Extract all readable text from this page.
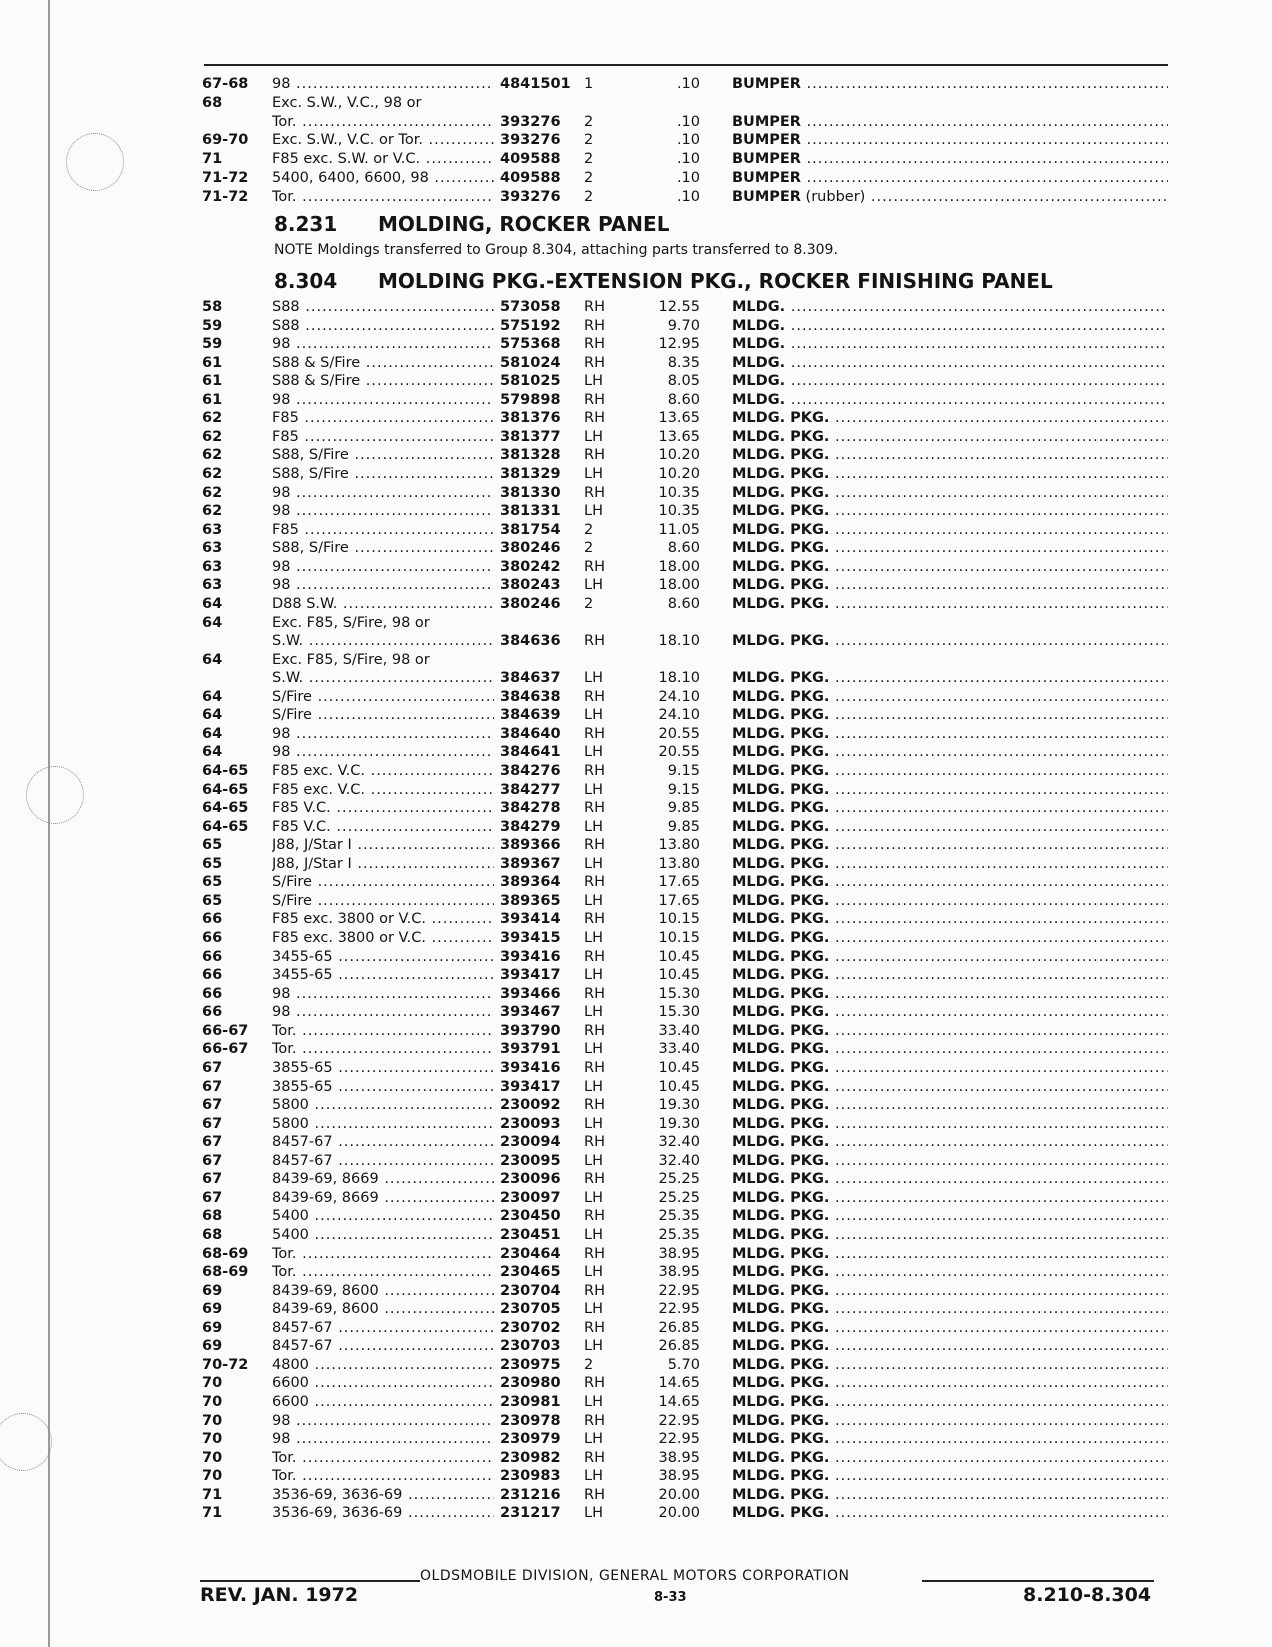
67-68 98 .....	4841501 1	.10 BUMPER .....
68	Exc. S.W., V.C., 98 or
Tor. .....	393276 2	.10 BUMPER .....
69-70 Exc. S.W., V.C. or Tor. .....	393276 2	.10 BUMPER .....
71	F85 exc. S.W. or V.C. .....	409588 2	.10 BUMPER .....
71-72 5400, 6400, 6600, 98 .....	409588 2	.10 BUMPER .....
71-72 Tor. .....	393276 2	.10 BUMPER (rubber) .....
8.231 MOLDING, ROCKER PANEL
NOTE Moldings transferred to Group 8.304, attaching parts transferred to 8.309.
8.304 MOLDING PKG.-EXTENSION PKG., ROCKER FINISHING PANEL
58	S88 .....	573058 RH	12.55 MLDG. .....
59	S88 .....	575192 RH	9.70 MLDG. .....
59	98 .....	575368 RH	12.95 MLDG. .....
61	S88 & S/Fire .....	581024 RH	8.35 MLDG. .....
61	S88 & S/Fire .....	581025 LH	8.05 MLDG. .....
61	98 .....	579898 RH	8.60 MLDG. .....
62	F85 .....	381376 RH	13.65 MLDG. PKG. .....
62	F85 .....	381377 LH	13.65 MLDG. PKG. .....
62	S88, S/Fire .....	381328 RH	10.20 MLDG. PKG. .....
62	S88, S/Fire .....	381329 LH	10.20 MLDG. PKG. .....
62	98 .....	381330 RH	10.35 MLDG. PKG. .....
62	98 .....	381331 LH	10.35 MLDG. PKG. .....
63	F85 .....	381754 2	11.05 MLDG. PKG. .....
63	S88, S/Fire .....	380246 2	8.60 MLDG. PKG. .....
63	98 .....	380242 RH	18.00 MLDG. PKG. .....
63	98 .....	380243 LH	18.00 MLDG. PKG. .....
64	D88 S.W. .....	380246 2	8.60 MLDG. PKG. .....
64	Exc. F85, S/Fire, 98 or
S.W. .....	384636 RH	18.10 MLDG. PKG. .....
64	Exc. F85, S/Fire, 98 or
S.W. .....	384637 LH	18.10 MLDG. PKG. .....
64	S/Fire .....	384638 RH	24.10 MLDG. PKG. .....
64	S/Fire .....	384639 LH	24.10 MLDG. PKG. .....
64	98 .....	384640 RH	20.55 MLDG. PKG. .....
64	98 .....	384641 LH	20.55 MLDG. PKG. .....
64-65 F85 exc. V.C. .....	384276 RH	9.15 MLDG. PKG. .....
64-65 F85 exc. V.C. .....	384277 LH	9.15 MLDG. PKG. .....
64-65 F85 V.C. .....	384278 RH	9.85 MLDG. PKG. .....
64-65 F85 V.C. .....	384279 LH	9.85 MLDG. PKG. .....
65	J88, J/Star I .....	389366 RH	13.80 MLDG. PKG. .....
65	J88, J/Star I .....	389367 LH	13.80 MLDG. PKG. .....
65	S/Fire .....	389364 RH	17.65 MLDG. PKG. .....
65	S/Fire .....	389365 LH	17.65 MLDG. PKG. .....
66	F85 exc. 3800 or V.C. .....	393414 RH	10.15 MLDG. PKG. .....
66	F85 exc. 3800 or V.C. .....	393415 LH	10.15 MLDG. PKG. .....
66	3455-65 .....	393416 RH	10.45 MLDG. PKG. .....
66	3455-65 .....	393417 LH	10.45 MLDG. PKG. .....
66	98 .....	393466 RH	15.30 MLDG. PKG. .....
66	98 .....	393467 LH	15.30 MLDG. PKG. .....
66-67 Tor. .....	393790 RH	33.40 MLDG. PKG. .....
66-67 Tor. .....	393791 LH	33.40 MLDG. PKG. .....
67	3855-65 .....	393416 RH	10.45 MLDG. PKG. .....
67	3855-65 .....	393417 LH	10.45 MLDG. PKG. .....
67	5800 .....	230092 RH	19.30 MLDG. PKG. .....
67	5800 .....	230093 LH	19.30 MLDG. PKG. .....
67	8457-67 .....	230094 RH	32.40 MLDG. PKG. .....
67	8457-67 .....	230095 LH	32.40 MLDG. PKG. .....
67	8439-69, 8669 .....	230096 RH	25.25 MLDG. PKG. .....
67	8439-69, 8669 .....	230097 LH	25.25 MLDG. PKG. .....
68	5400 .....	230450 RH	25.35 MLDG. PKG. .....
68	5400 .....	230451 LH	25.35 MLDG. PKG. .....
68-69 Tor. .....	230464 RH	38.95 MLDG. PKG. .....
68-69 Tor. .....	230465 LH	38.95 MLDG. PKG. .....
69	8439-69, 8600 .....	230704 RH	22.95 MLDG. PKG. .....
69	8439-69, 8600 .....	230705 LH	22.95 MLDG. PKG. .....
69	8457-67 .....	230702 RH	26.85 MLDG. PKG. .....
69	8457-67 .....	230703 LH	26.85 MLDG. PKG. .....
70-72 4800 .....	230975 2	5.70 MLDG. PKG. .....
70	6600 .....	230980 RH	14.65 MLDG. PKG. .....
70	6600 .....	230981 LH	14.65 MLDG. PKG. .....
70	98 .....	230978 RH	22.95 MLDG. PKG. .....
70	98 .....	230979 LH	22.95 MLDG. PKG. .....
70	Tor. .....	230982 RH	38.95 MLDG. PKG. .....
70	Tor. .....	230983 LH	38.95 MLDG. PKG. .....
71	3536-69, 3636-69 .....	231216 RH	20.00 MLDG. PKG. .....
71	3536-69, 3636-69 .....	231217 LH	20.00 MLDG. PKG. .....
OLDSMOBILE DIVISION, GENERAL MOTORS CORPORATION
REV. JAN. 1972	8-33	8.210-8.304
